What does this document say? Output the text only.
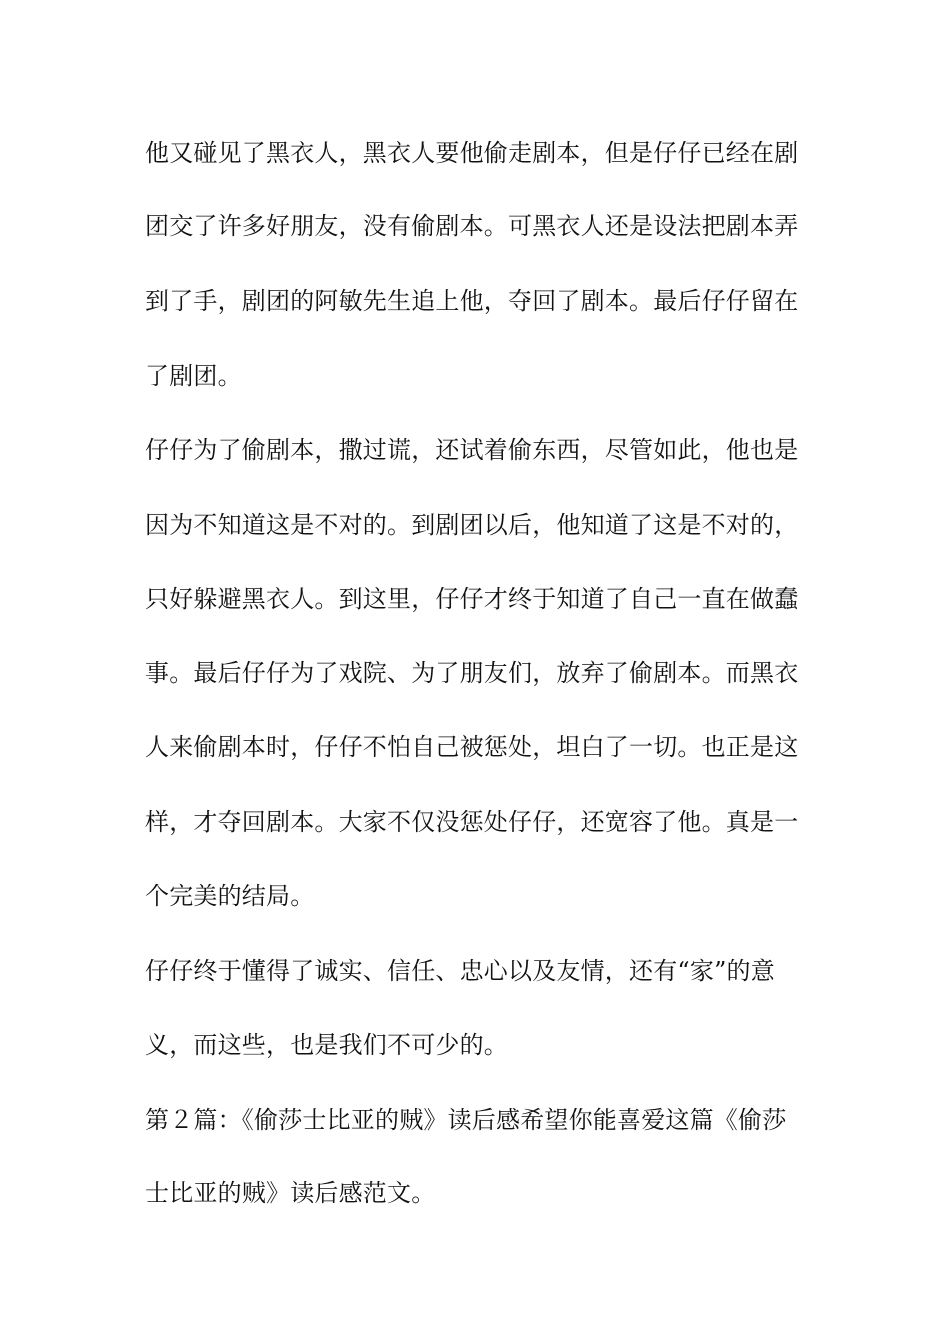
他又碰见了黑衣人，黑衣人要他偷走剧本，但是仔仔已经在剧
团交了许多好朋友，没有偷剧本。可黑衣人还是设法把剧本弄
到了手，剧团的阿敏先生追上他，夺回了剧本。最后仔仔留在
了剧团。
仔仔为了偷剧本，撒过谎，还试着偷东西，尽管如此，他也是
因为不知道这是不对的。到剧团以后，他知道了这是不对的，
只好躲避黑衣人。到这里，仔仔才终于知道了自己一直在做蠢
事。最后仔仔为了戏院、为了朋友们，放弃了偷剧本。而黑衣
人来偷剧本时，仔仔不怕自己被惩处，坦白了一切。也正是这
样，才夺回剧本。大家不仅没惩处仔仔，还宽容了他。真是一
个完美的结局。
仔仔终于懂得了诚实、信任、忠心以及友情，还有“家”的意
义，而这些，也是我们不可少的。
第２篇：《偷莎士比亚的贼》读后感希望你能喜爱这篇《偷莎
士比亚的贼》读后感范文。
